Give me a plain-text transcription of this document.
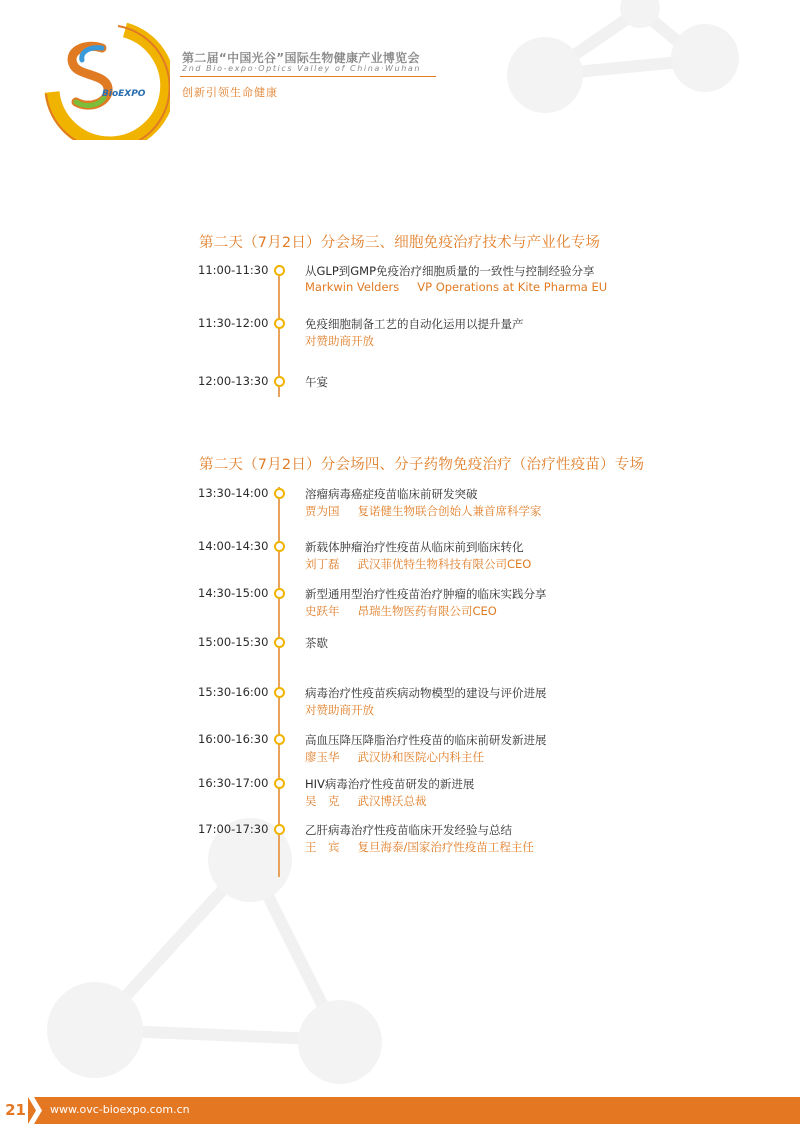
BioEXPO
第二届“中国光谷”国际生物健康产业博览会
2nd Bio-expo·Optics Valley of China·Wuhan
创新引领生命健康
第二天（7月2日）分会场三、细胞免疫治疗技术与产业化专场
11:00-11:30	从GLP到GMP免疫治疗细胞质量的一致性与控制经验分享
Markwin Velders VP Operations at Kite Pharma EU
11:30-12:00	免疫细胞制备工艺的自动化运用以提升量产
对赞助商开放
12:00-13:30	午宴
第二天（7月2日）分会场四、分子药物免疫治疗（治疗性疫苗）专场
13:30-14:00	溶瘤病毒癌症疫苗临床前研发突破
贾为国 复诺健生物联合创始人兼首席科学家
14:00-14:30	新载体肿瘤治疗性疫苗从临床前到临床转化
刘丁磊 武汉菲优特生物科技有限公司CEO
14:30-15:00	新型通用型治疗性疫苗治疗肿瘤的临床实践分享
史跃年 昂瑞生物医药有限公司CEO
15:00-15:30	茶歇
15:30-16:00	病毒治疗性疫苗疾病动物模型的建设与评价进展
对赞助商开放
16:00-16:30	高血压降压降脂治疗性疫苗的临床前研发新进展
廖玉华 武汉协和医院心内科主任
16:30-17:00	HIV病毒治疗性疫苗研发的新进展
吴　克 武汉博沃总裁
17:00-17:30	乙肝病毒治疗性疫苗临床开发经验与总结
王　宾 复旦海泰/国家治疗性疫苗工程主任
21 www.ovc-bioexpo.com.cn
